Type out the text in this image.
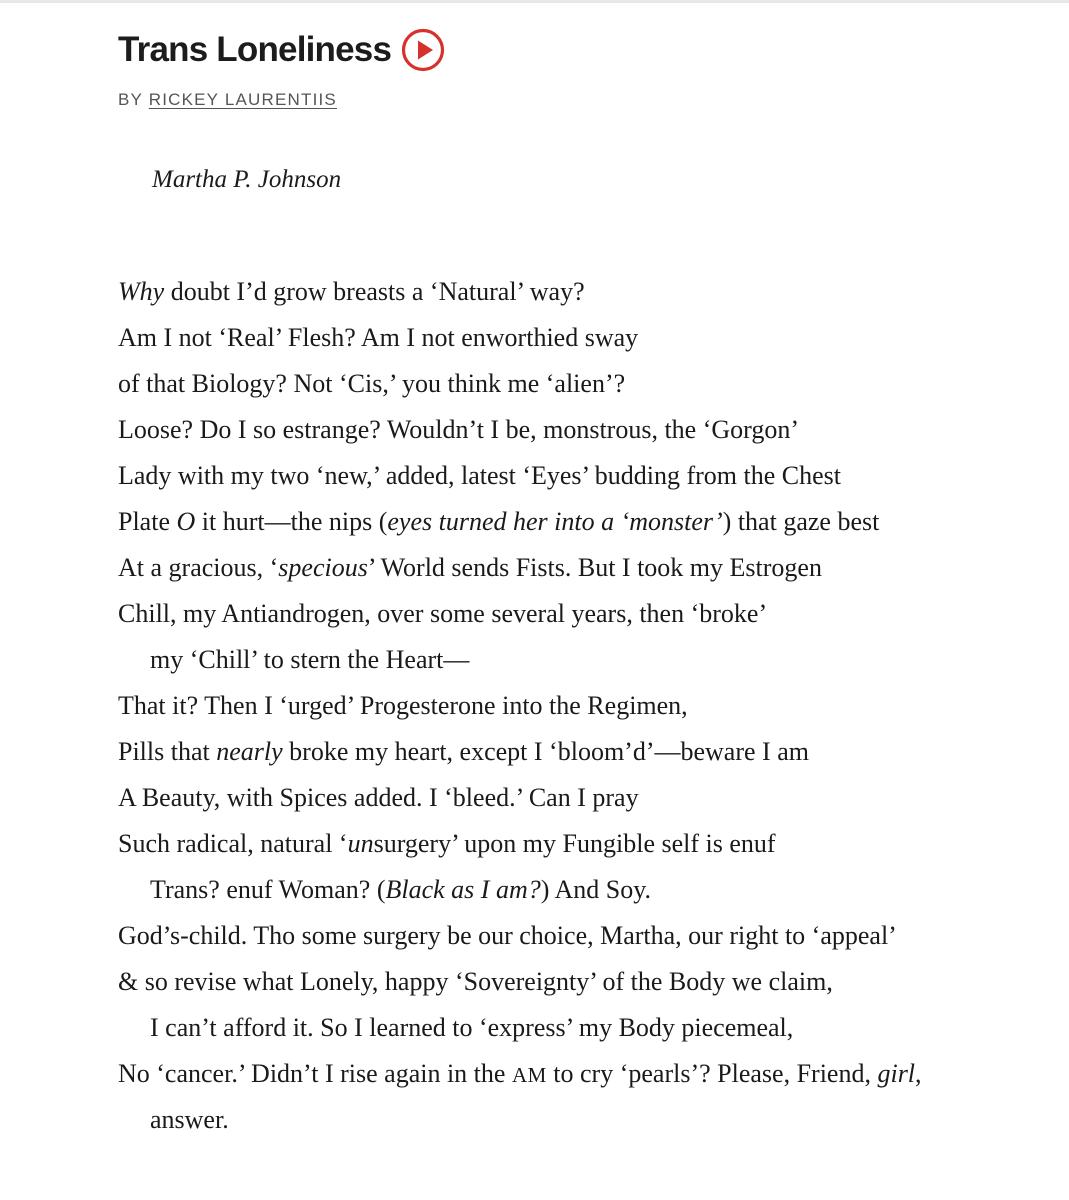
Trans Loneliness
BY RICKEY LAURENTIIS
Martha P. Johnson
Why doubt I’d grow breasts a ‘Natural’ way?
Am I not ‘Real’ Flesh? Am I not enworthied sway
of that Biology? Not ‘Cis,’ you think me ‘alien’?
Loose? Do I so estrange? Wouldn’t I be, monstrous, the ‘Gorgon’
Lady with my two ‘new,’ added, latest ‘Eyes’ budding from the Chest
Plate O it hurt—the nips (eyes turned her into a ‘monster’) that gaze best
At a gracious, ‘specious’ World sends Fists. But I took my Estrogen
Chill, my Antiandrogen, over some several years, then ‘broke’
my ‘Chill’ to stern the Heart—
That it? Then I ‘urged’ Progesterone into the Regimen,
Pills that nearly broke my heart, except I ‘bloom’d’—beware I am
A Beauty, with Spices added. I ‘bleed.’ Can I pray
Such radical, natural ‘unsurgery’ upon my Fungible self is enuf
Trans? enuf Woman? (Black as I am?) And Soy.
God’s-child. Tho some surgery be our choice, Martha, our right to ‘appeal’
& so revise what Lonely, happy ‘Sovereignty’ of the Body we claim,
I can’t afford it. So I learned to ‘express’ my Body piecemeal,
No ‘cancer.’ Didn’t I rise again in the AM to cry ‘pearls’? Please, Friend, girl,
answer.
